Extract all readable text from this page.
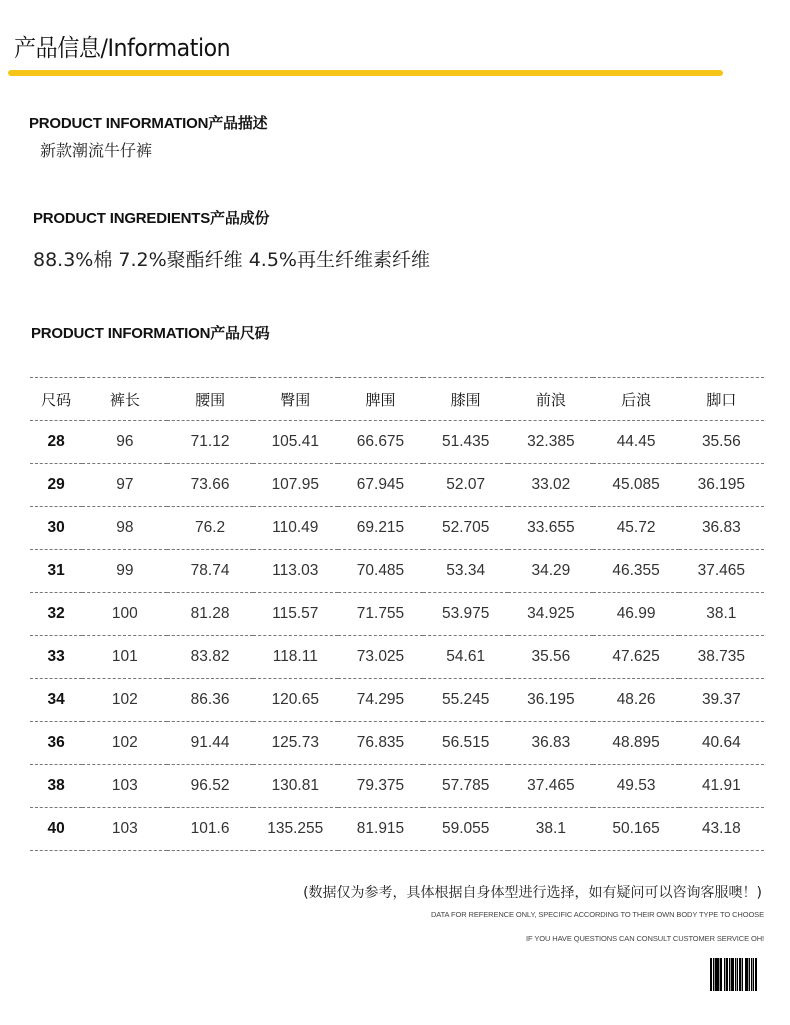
产品信息/Information
PRODUCT INFORMATION产品描述
新款潮流牛仔裤
PRODUCT INGREDIENTS产品成份
88.3%棉 7.2%聚酯纤维 4.5%再生纤维素纤维
PRODUCT INFORMATION产品尺码
尺码	裤长	腰围	臀围	脾围	膝围	前浪	后浪	脚口
28	96	71.12	105.41	66.675	51.435	32.385	44.45	35.56
29	97	73.66	107.95	67.945	52.07	33.02	45.085	36.195
30	98	76.2	110.49	69.215	52.705	33.655	45.72	36.83
31	99	78.74	113.03	70.485	53.34	34.29	46.355	37.465
32	100	81.28	115.57	71.755	53.975	34.925	46.99	38.1
33	101	83.82	118.11	73.025	54.61	35.56	47.625	38.735
34	102	86.36	120.65	74.295	55.245	36.195	48.26	39.37
36	102	91.44	125.73	76.835	56.515	36.83	48.895	40.64
38	103	96.52	130.81	79.375	57.785	37.465	49.53	41.91
40	103	101.6	135.255	81.915	59.055	38.1	50.165	43.18
(数据仅为参考，具体根据自身体型进行选择，如有疑问可以咨询客服噢！)
DATA FOR REFERENCE ONLY, SPECIFIC ACCORDING TO THEIR OWN BODY TYPE TO CHOOSE
IF YOU HAVE QUESTIONS CAN CONSULT CUSTOMER SERVICE OH!
